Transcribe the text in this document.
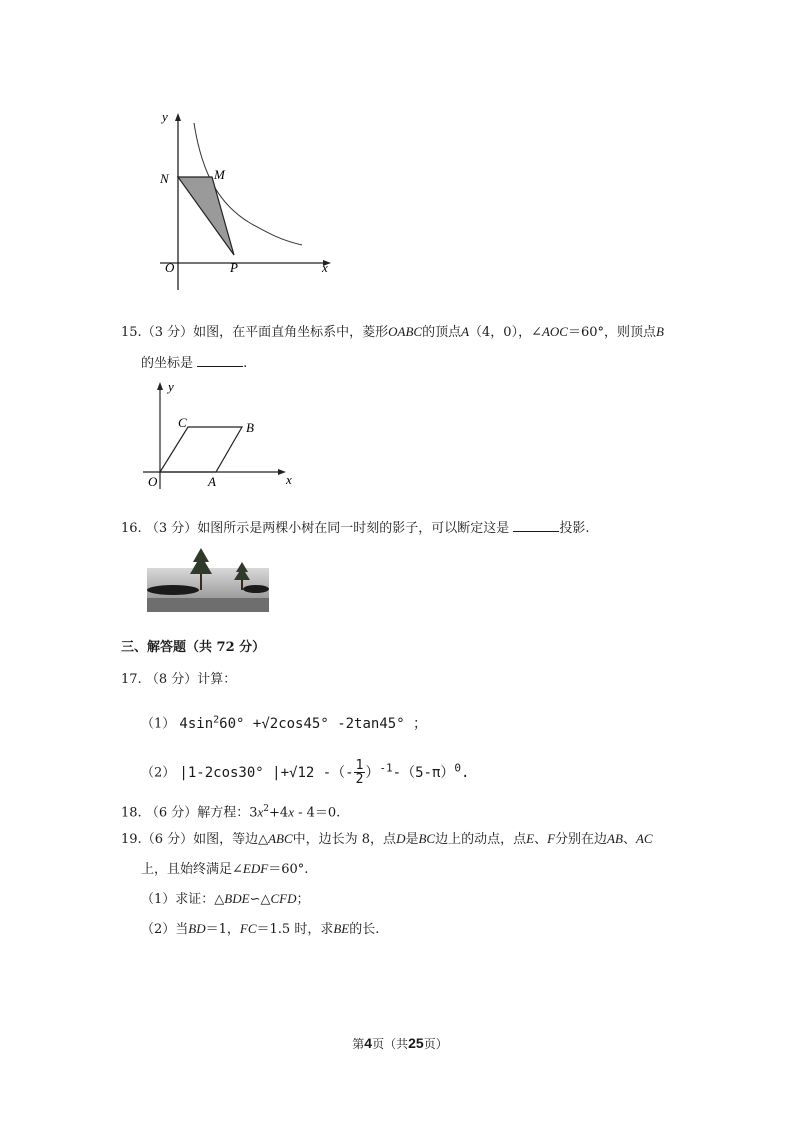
y
N	M
O	P	x
15.（3 分）如图，在平面直角坐标系中，菱形OABC的顶点A（4，0），∠AOC＝60°，则顶点B
的坐标是	.
y
C	B
O	A	x
16. （3 分）如图所示是两棵小树在同一时刻的影子，可以断定这是	投影.
三、解答题（共 72 分）
17. （8 分）计算：
（1） $4\sin^260^\circ +√2\cos 45^\circ$ -2tan45° ；
（2） |1-2cos30° |+√12 -（- $\frac{1}{2} )^{-1}-(5-\pi)^0$.
18. （6 分）解方程：$3x^2+4x - 4=0$.
19.（6 分）如图，等边△ABC中，边长为 8，点D是BC边上的动点，点E、F分别在边AB、AC
上，且始终满足∠EDF＝60°.
（1）求证：△BDE∽△CFD；
（2）当BD＝1，FC＝1.5 时，求BE的长.
第4页（共25页）
